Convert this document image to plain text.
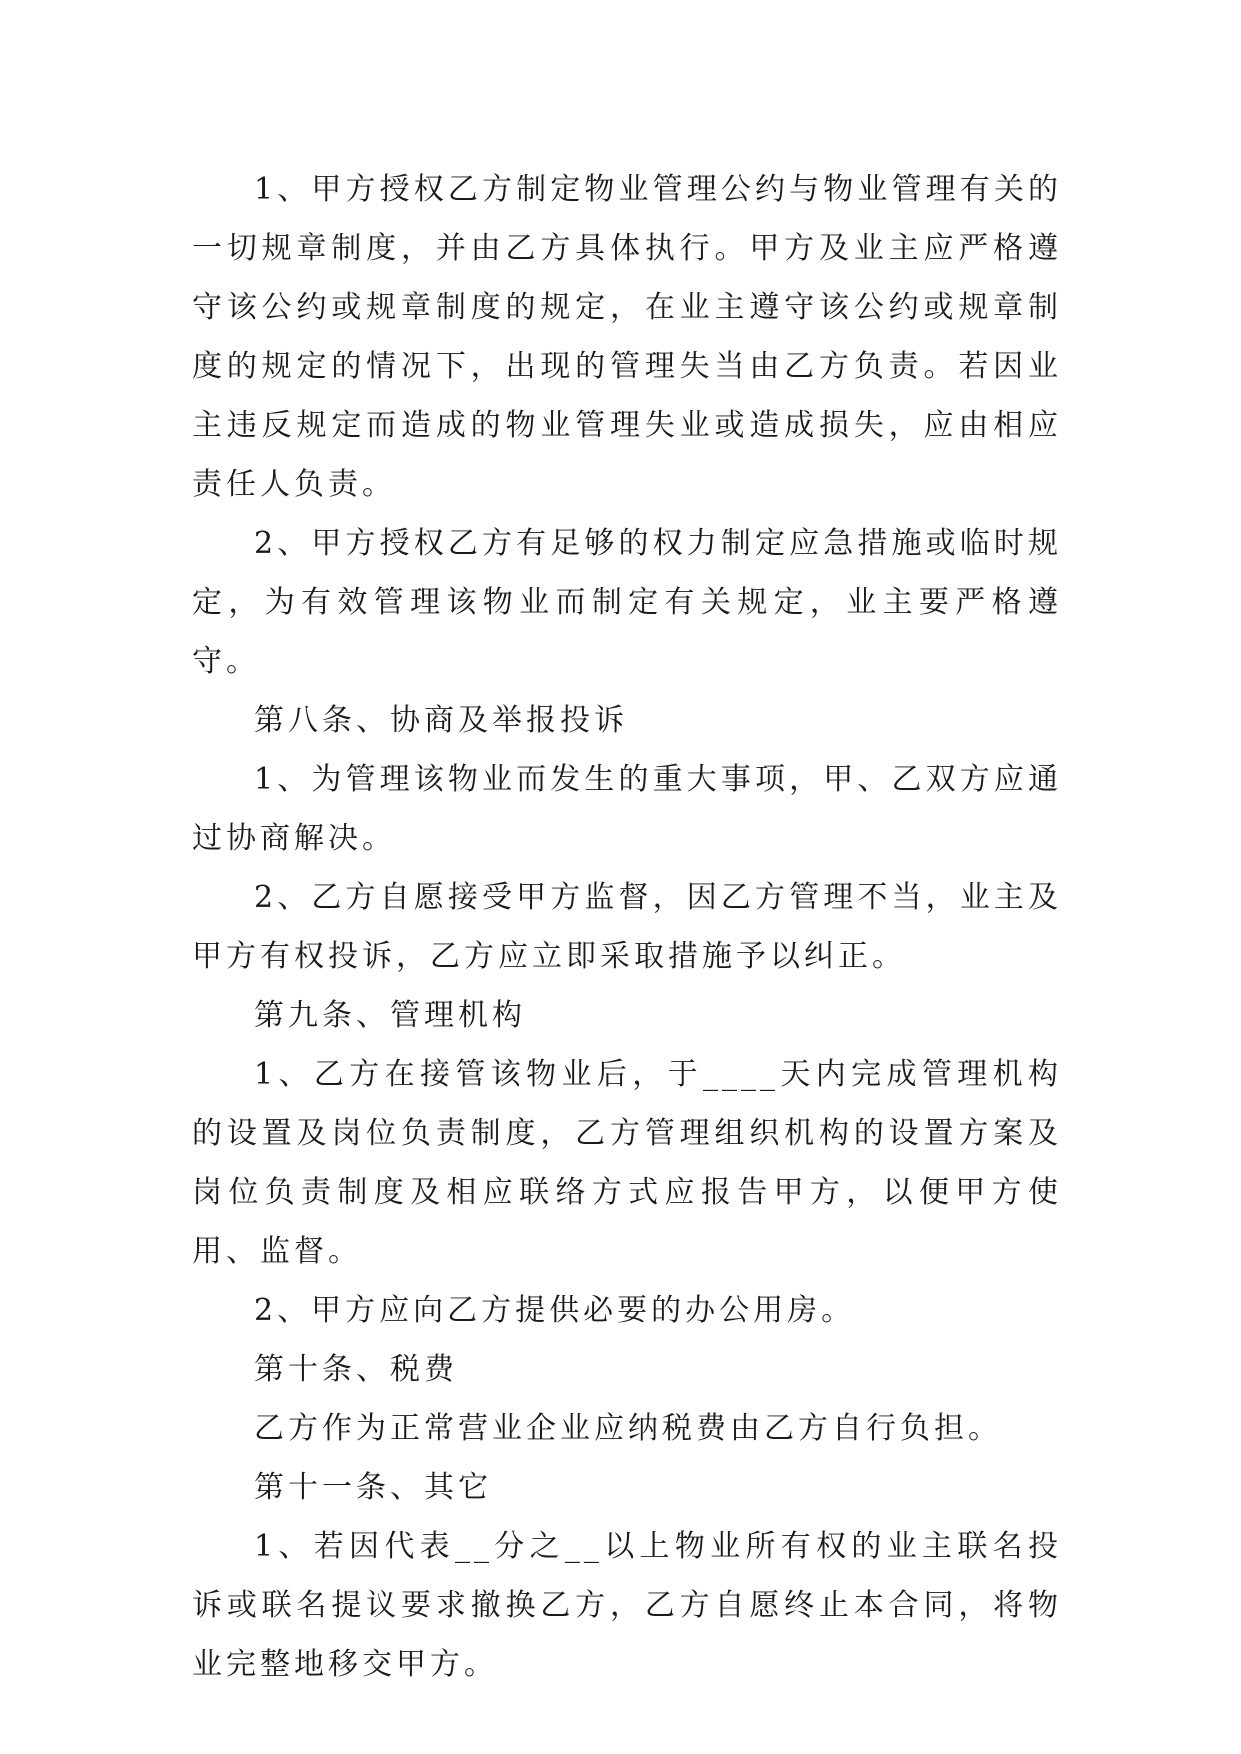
1、甲方授权乙方制定物业管理公约与物业管理有关的一切规章制度，并由乙方具体执行。甲方及业主应严格遵守该公约或规章制度的规定，在业主遵守该公约或规章制度的规定的情况下，出现的管理失当由乙方负责。若因业主违反规定而造成的物业管理失业或造成损失，应由相应责任人负责。

2、甲方授权乙方有足够的权力制定应急措施或临时规定，为有效管理该物业而制定有关规定，业主要严格遵守。

第八条、协商及举报投诉

1、为管理该物业而发生的重大事项，甲、乙双方应通过协商解决。

2、乙方自愿接受甲方监督，因乙方管理不当，业主及甲方有权投诉，乙方应立即采取措施予以纠正。

第九条、管理机构

1、乙方在接管该物业后，于____天内完成管理机构的设置及岗位负责制度，乙方管理组织机构的设置方案及岗位负责制度及相应联络方式应报告甲方，以便甲方使用、监督。

2、甲方应向乙方提供必要的办公用房。

第十条、税费

乙方作为正常营业企业应纳税费由乙方自行负担。

第十一条、其它

1、若因代表__分之__以上物业所有权的业主联名投诉或联名提议要求撤换乙方，乙方自愿终止本合同，将物业完整地移交甲方。
